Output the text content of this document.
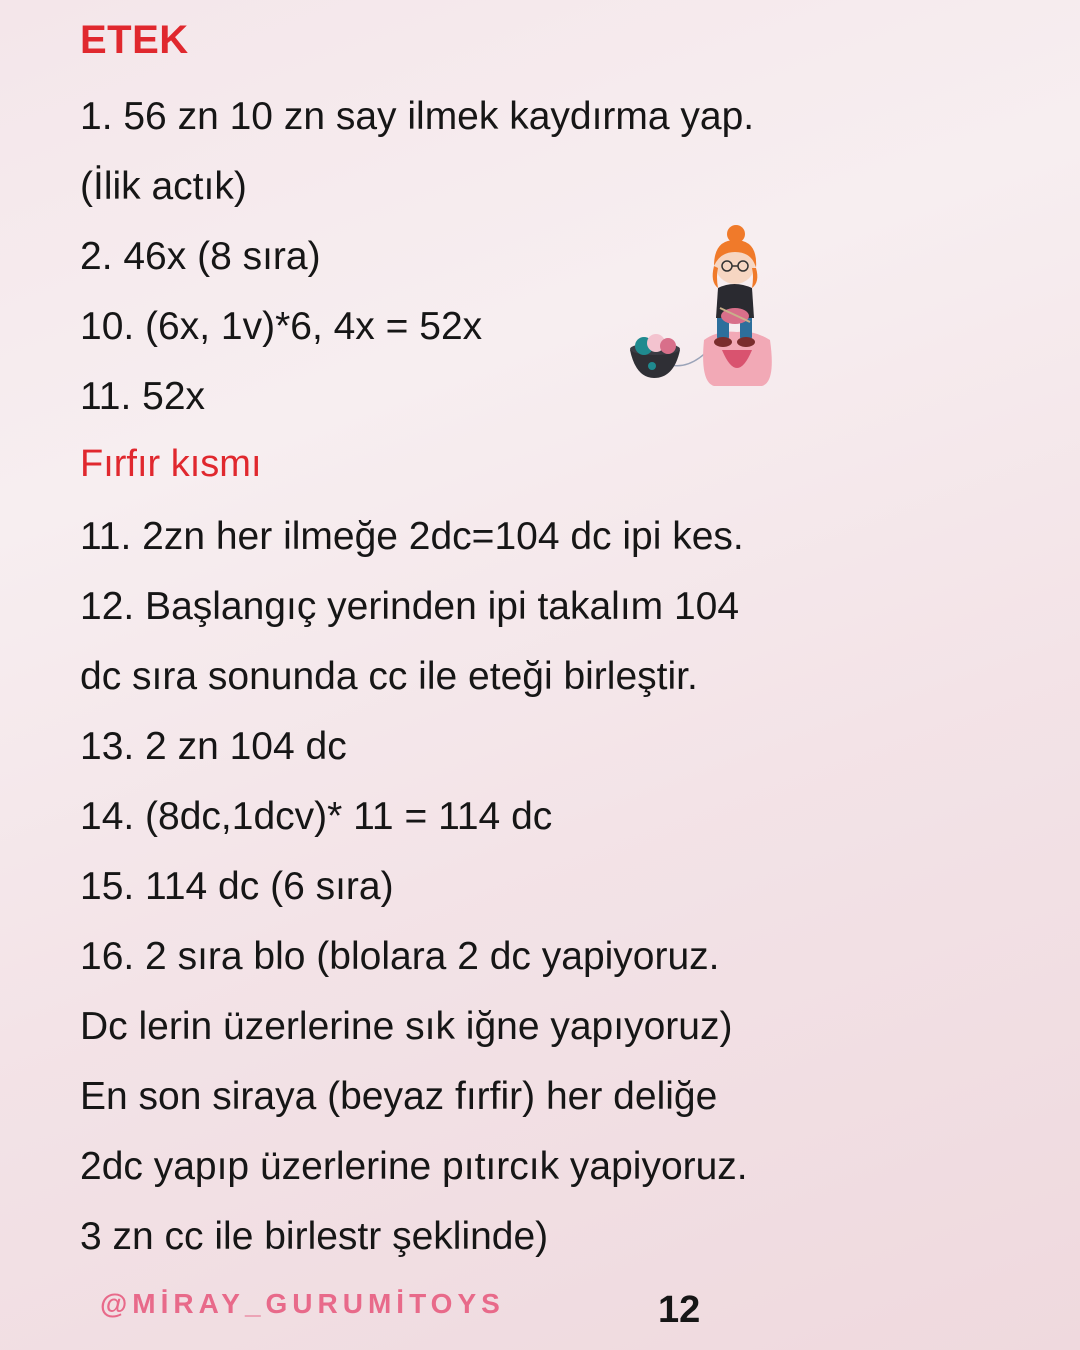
ETEK
1. 56 zn 10 zn say ilmek kaydırma yap.
(İlik actık)
2. 46x (8 sıra)
10. (6x, 1v)*6, 4x = 52x
11. 52x
Fırfır kısmı
11. 2zn her ilmeğe 2dc=104 dc ipi kes.
12. Başlangıç yerinden ipi takalım 104
dc sıra sonunda cc ile eteği birleştir.
13. 2 zn 104 dc
14. (8dc,1dcv)* 11 = 114 dc
15. 114 dc (6 sıra)
16. 2 sıra blo (blolara 2 dc yapiyoruz.
Dc lerin üzerlerine sık iğne yapıyoruz)
En son siraya (beyaz fırfir) her deliğe
2dc yapıp üzerlerine pıtırcık yapiyoruz.
3 zn cc ile birlestr şeklinde)
@MİRAY_GURUMİTOYS	12
